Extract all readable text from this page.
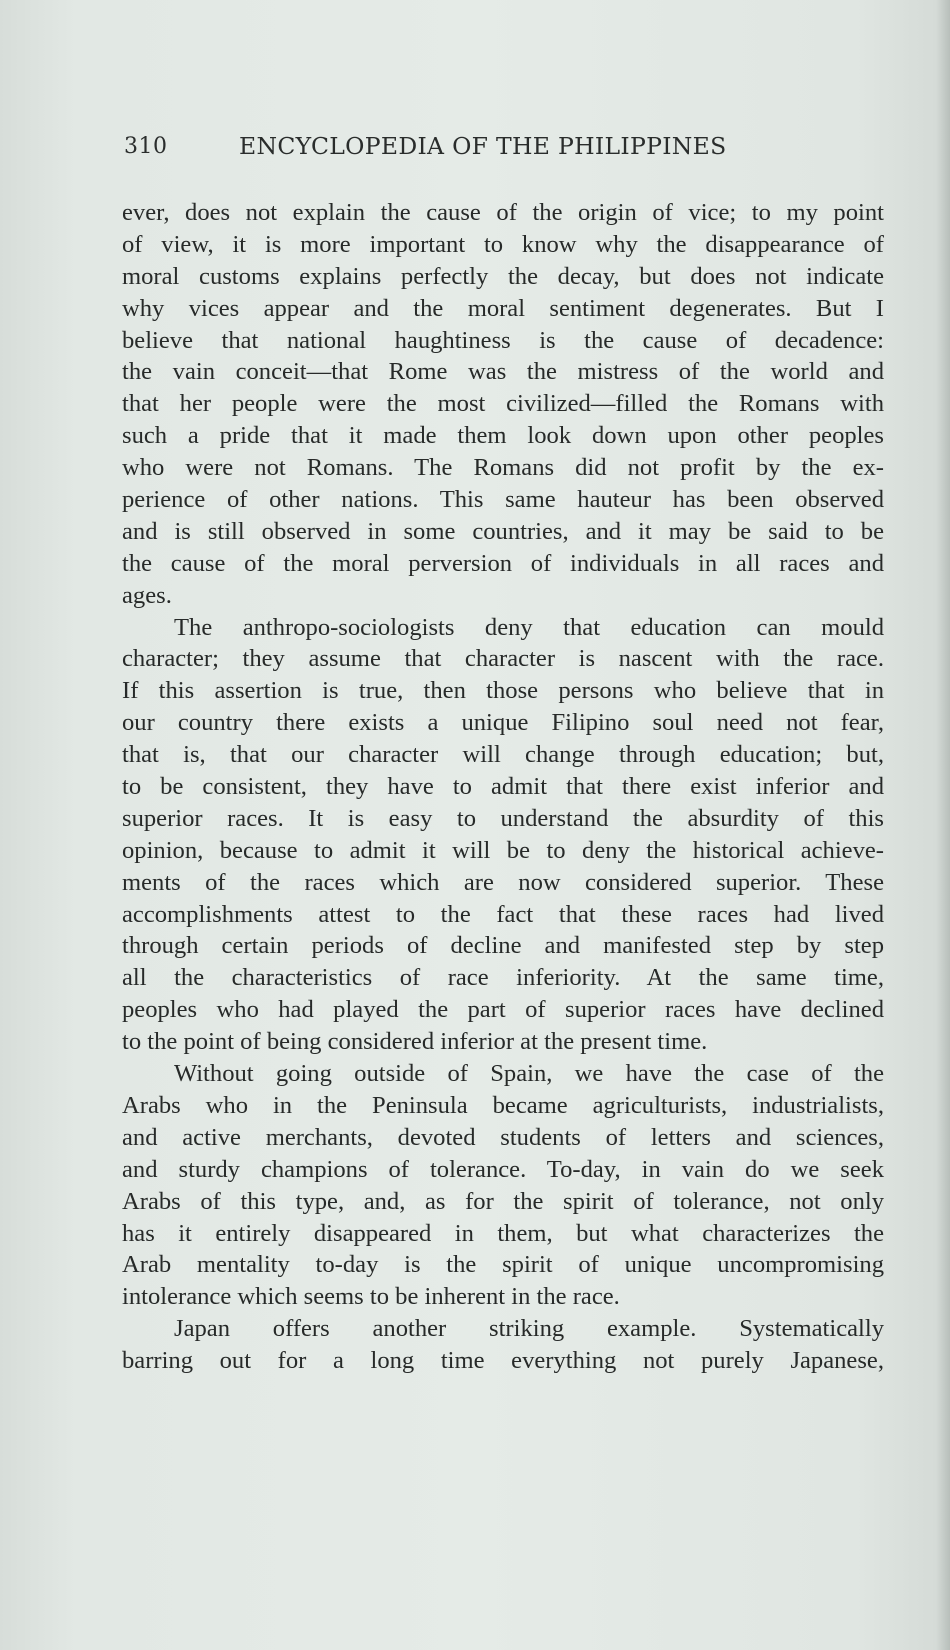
310	ENCYCLOPEDIA OF THE PHILIPPINES
ever, does not explain the cause of the origin of vice; to my point
of view, it is more important to know why the disappearance of
moral customs explains perfectly the decay, but does not indicate
why vices appear and the moral sentiment degenerates. But I
believe that national haughtiness is the cause of decadence:
the vain conceit—that Rome was the mistress of the world and
that her people were the most civilized—filled the Romans with
such a pride that it made them look down upon other peoples
who were not Romans. The Romans did not profit by the ex-
perience of other nations. This same hauteur has been observed
and is still observed in some countries, and it may be said to be
the cause of the moral perversion of individuals in all races and
ages.
The anthropo-sociologists deny that education can mould
character; they assume that character is nascent with the race.
If this assertion is true, then those persons who believe that in
our country there exists a unique Filipino soul need not fear,
that is, that our character will change through education; but,
to be consistent, they have to admit that there exist inferior and
superior races. It is easy to understand the absurdity of this
opinion, because to admit it will be to deny the historical achieve-
ments of the races which are now considered superior. These
accomplishments attest to the fact that these races had lived
through certain periods of decline and manifested step by step
all the characteristics of race inferiority. At the same time,
peoples who had played the part of superior races have declined
to the point of being considered inferior at the present time.
Without going outside of Spain, we have the case of the
Arabs who in the Peninsula became agriculturists, industrialists,
and active merchants, devoted students of letters and sciences,
and sturdy champions of tolerance. To-day, in vain do we seek
Arabs of this type, and, as for the spirit of tolerance, not only
has it entirely disappeared in them, but what characterizes the
Arab mentality to-day is the spirit of unique uncompromising
intolerance which seems to be inherent in the race.
Japan offers another striking example. Systematically
barring out for a long time everything not purely Japanese,
